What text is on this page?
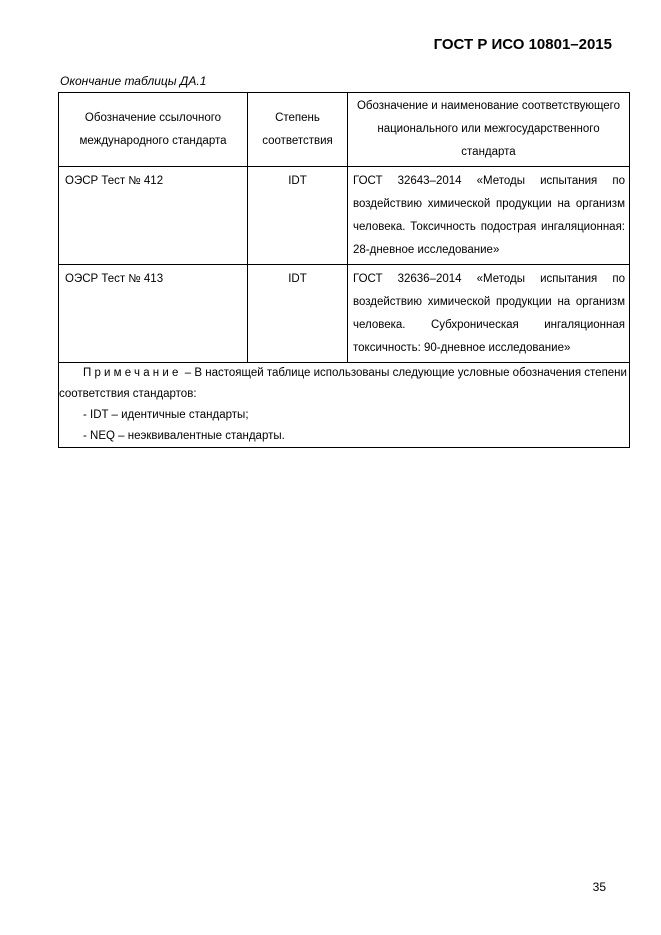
ГОСТ Р ИСО 10801–2015
Окончание таблицы ДА.1
Обозначение ссылочного международного стандарта	Степень соответствия	Обозначение и наименование соответствующего национального или межгосударственного стандарта

ОЭСР Тест № 412	IDT	ГОСТ 32643–2014 «Методы испытания по воздействию химической продукции на организм человека. Токсичность подострая ингаляционная: 28-дневное исследование»

ОЭСР Тест № 413	IDT	ГОСТ 32636–2014 «Методы испытания по воздействию химической продукции на организм человека. Субхроническая ингаляционная токсичность: 90-дневное исследование»

Примечание – В настоящей таблице использованы следующие условные обозначения степени соответствия стандартов:
- IDT – идентичные стандарты;
- NEQ – неэквивалентные стандарты.		
35
